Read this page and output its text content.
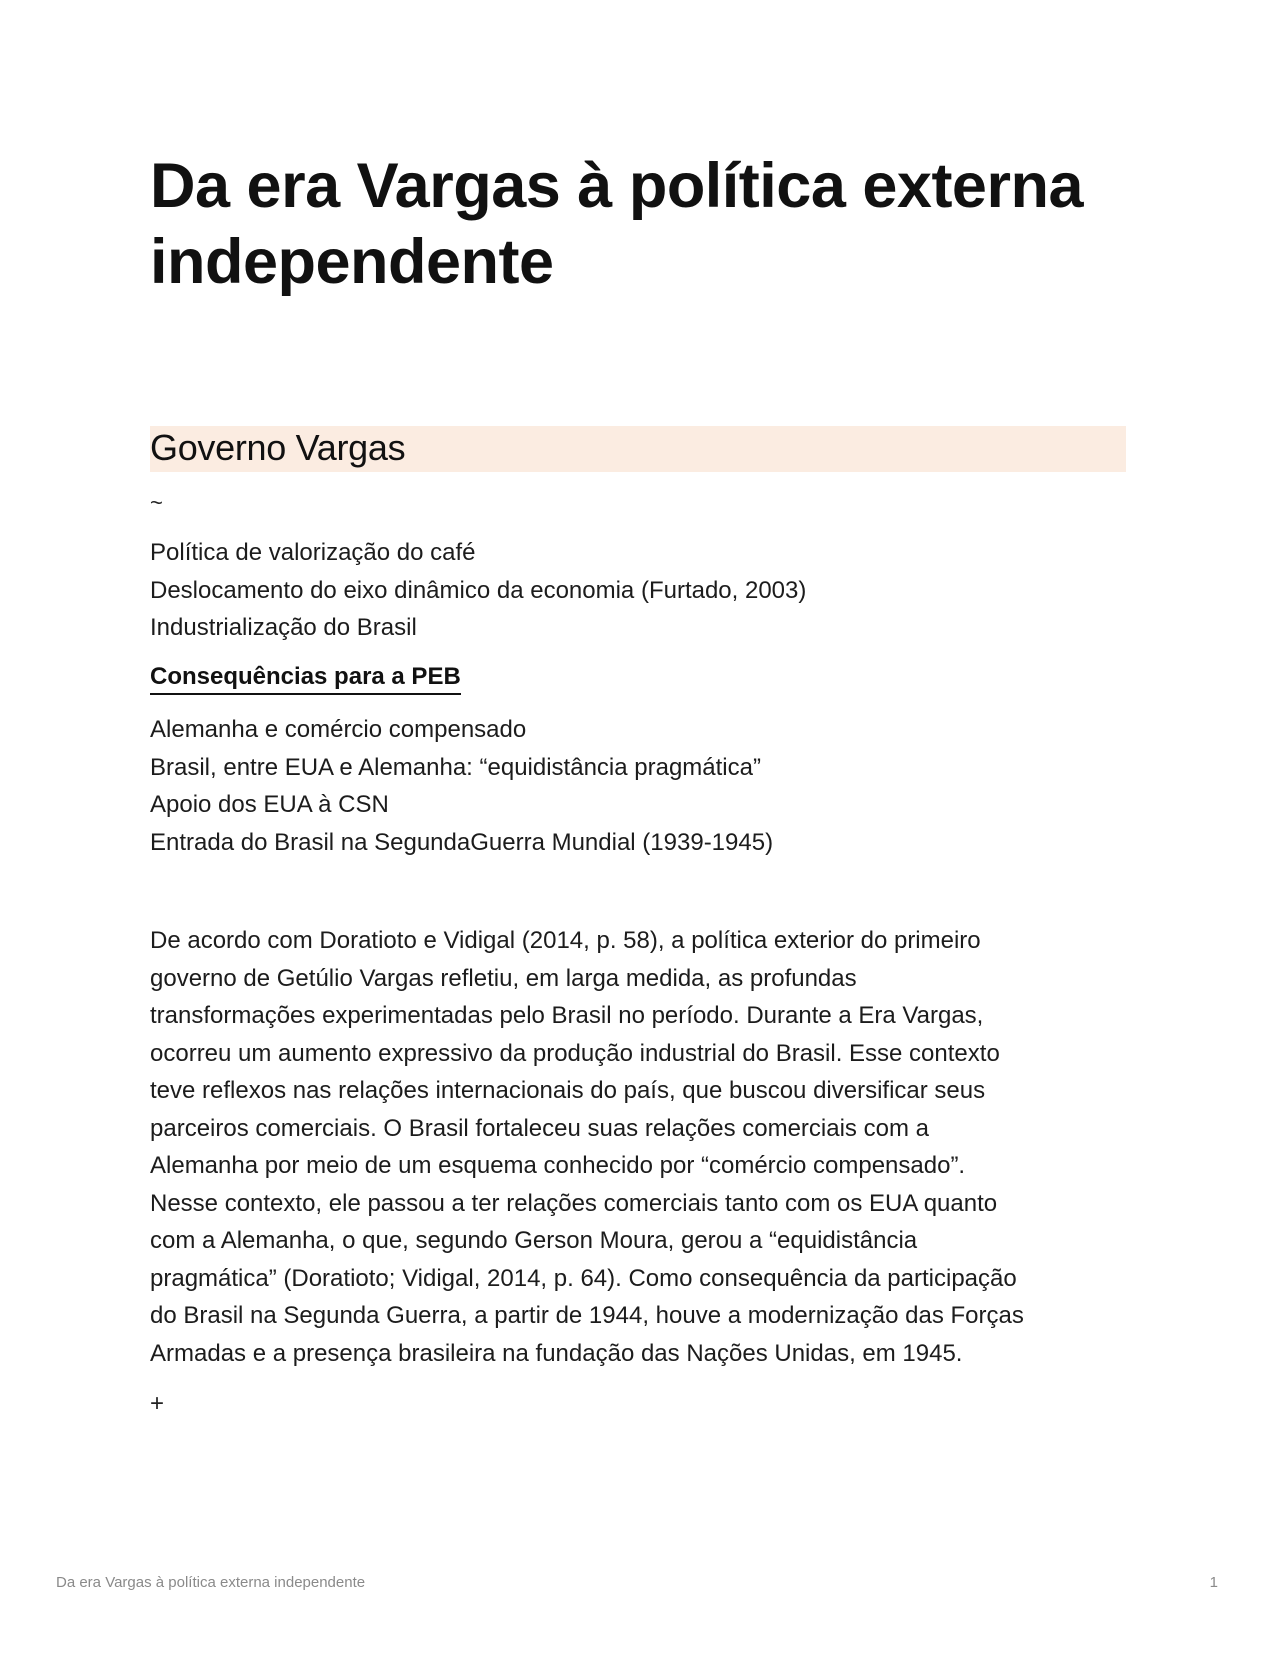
Da era Vargas à política externa independente
Governo Vargas
~
Política de valorização do café
Deslocamento do eixo dinâmico da economia (Furtado, 2003)
Industrialização do Brasil
Consequências para a PEB
Alemanha e comércio compensado
Brasil, entre EUA e Alemanha: “equidistância pragmática”
Apoio dos EUA à CSN
Entrada do Brasil na SegundaGuerra Mundial (1939-1945)

De acordo com Doratioto e Vidigal (2014, p. 58), a política exterior do primeiro
governo de Getúlio Vargas refletiu, em larga medida, as profundas
transformações experimentadas pelo Brasil no período. Durante a Era Vargas,
ocorreu um aumento expressivo da produção industrial do Brasil. Esse contexto
teve reflexos nas relações internacionais do país, que buscou diversificar seus
parceiros comerciais. O Brasil fortaleceu suas relações comerciais com a
Alemanha por meio de um esquema conhecido por “comércio compensado”.
Nesse contexto, ele passou a ter relações comerciais tanto com os EUA quanto
com a Alemanha, o que, segundo Gerson Moura, gerou a “equidistância
pragmática” (Doratioto; Vidigal, 2014, p. 64). Como consequência da participação
do Brasil na Segunda Guerra, a partir de 1944, houve a modernização das Forças
Armadas e a presença brasileira na fundação das Nações Unidas, em 1945.

+
Da era Vargas à política externa independente	1
